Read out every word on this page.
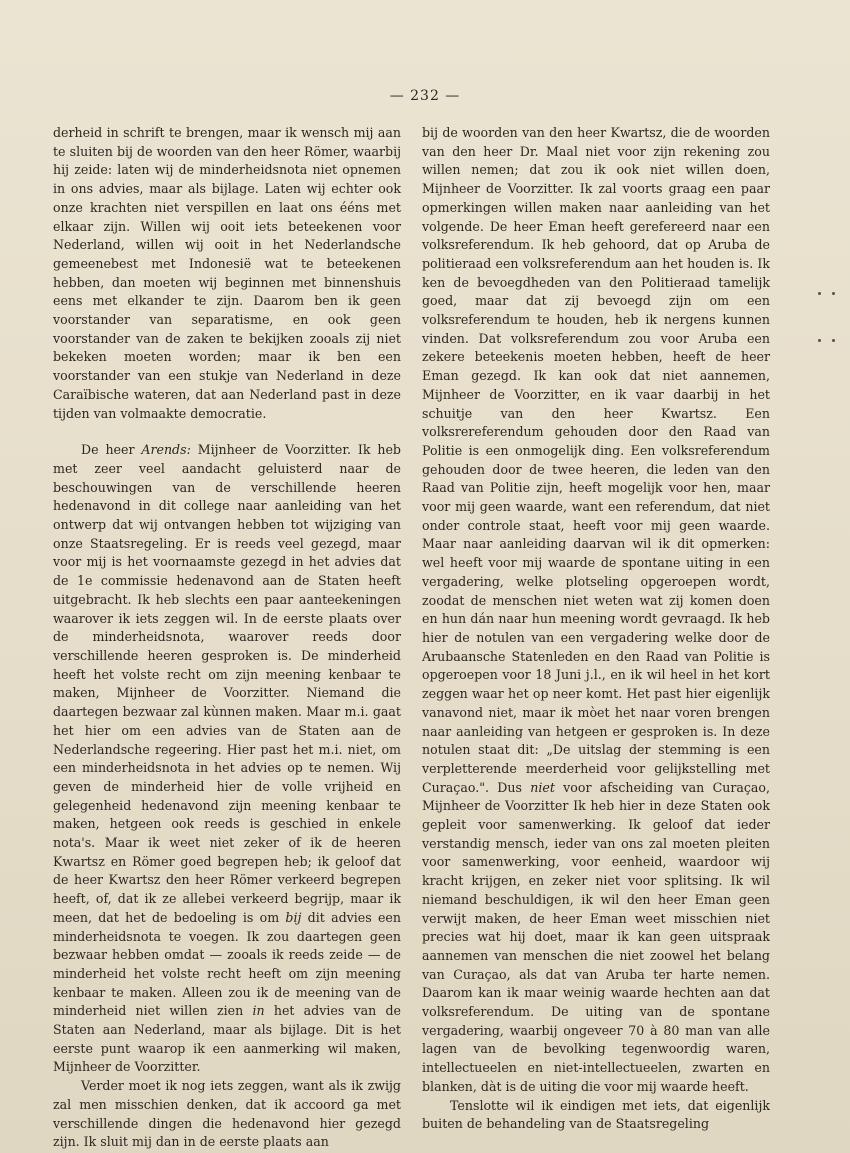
— 232 —

derheid in schrift te brengen, maar ik wensch mij aan te sluiten bij de woorden van den heer Römer, waarbij hij zeide: laten wij de minderheidsnota niet opnemen in ons advies, maar als bijlage. Laten wij echter ook onze krachten niet verspillen en laat ons ééns met elkaar zijn. Willen wij ooit iets beteekenen voor Nederland, willen wij ooit in het Nederlandsche gemeenebest met Indonesië wat te beteekenen hebben, dan moeten wij beginnen met binnenshuis eens met elkander te zijn. Daarom ben ik geen voorstander van separatisme, en ook geen voorstander van de zaken te bekijken zooals zij niet bekeken moeten worden; maar ik ben een voorstander van een stukje van Nederland in deze Caraïbische wateren, dat aan Nederland past in deze tijden van volmaakte democratie.

De heer Arends: Mijnheer de Voorzitter. Ik heb met zeer veel aandacht geluisterd naar de beschouwingen van de verschillende heeren hedenavond in dit college naar aanleiding van het ontwerp dat wij ontvangen hebben tot wijziging van onze Staatsregeling. Er is reeds veel gezegd, maar voor mij is het voornaamste gezegd in het advies dat de 1e commissie hedenavond aan de Staten heeft uitgebracht. Ik heb slechts een paar aanteekeningen waarover ik iets zeggen wil. In de eerste plaats over de minderheidsnota, waarover reeds door verschillende heeren gesproken is. De minderheid heeft het volste recht om zijn meening kenbaar te maken, Mijnheer de Voorzitter. Niemand die daartegen bezwaar zal kùnnen maken. Maar m.i. gaat het hier om een advies van de Staten aan de Nederlandsche regeering. Hier past het m.i. niet, om een minderheidsnota in het advies op te nemen. Wij geven de minderheid hier de volle vrijheid en gelegenheid hedenavond zijn meening kenbaar te maken, hetgeen ook reeds is geschied in enkele nota's. Maar ik weet niet zeker of ik de heeren Kwartsz en Römer goed begrepen heb; ik geloof dat de heer Kwartsz den heer Römer verkeerd begrepen heeft, of, dat ik ze allebei verkeerd begrijp, maar ik meen, dat het de bedoeling is om bij dit advies een minderheidsnota te voegen. Ik zou daartegen geen bezwaar hebben omdat — zooals ik reeds zeide — de minderheid het volste recht heeft om zijn meening kenbaar te maken. Alleen zou ik de meening van de minderheid niet willen zien in het advies van de Staten aan Nederland, maar als bijlage. Dit is het eerste punt waarop ik een aanmerking wil maken, Mijnheer de Voorzitter.

Verder moet ik nog iets zeggen, want als ik zwijg zal men misschien denken, dat ik accoord ga met verschillende dingen die hedenavond hier gezegd zijn. Ik sluit mij dan in de eerste plaats aan

bij de woorden van den heer Kwartsz, die de woorden van den heer Dr. Maal niet voor zijn rekening zou willen nemen; dat zou ik ook niet willen doen, Mijnheer de Voorzitter. Ik zal voorts graag een paar opmerkingen willen maken naar aanleiding van het volgende. De heer Eman heeft gerefereerd naar een volksreferendum. Ik heb gehoord, dat op Aruba de politieraad een volksreferendum aan het houden is. Ik ken de bevoegdheden van den Politieraad tamelijk goed, maar dat zij bevoegd zijn om een volksreferendum te houden, heb ik nergens kunnen vinden. Dat volksreferendum zou voor Aruba een zekere beteekenis moeten hebben, heeft de heer Eman gezegd. Ik kan ook dat niet aannemen, Mijnheer de Voorzitter, en ik vaar daarbij in het schuitje van den heer Kwartsz. Een volksrereferendum gehouden door den Raad van Politie is een onmogelijk ding. Een volksreferendum gehouden door de twee heeren, die leden van den Raad van Politie zijn, heeft mogelijk voor hen, maar voor mij geen waarde, want een referendum, dat niet onder controle staat, heeft voor mij geen waarde. Maar naar aanleiding daarvan wil ik dit opmerken: wel heeft voor mij waarde de spontane uiting in een vergadering, welke plotseling opgeroepen wordt, zoodat de menschen niet weten wat zij komen doen en hun dán naar hun meening wordt gevraagd. Ik heb hier de notulen van een vergadering welke door de Arubaansche Statenleden en den Raad van Politie is opgeroepen voor 18 Juni j.l., en ik wil heel in het kort zeggen waar het op neer komt. Het past hier eigenlijk vanavond niet, maar ik mòet het naar voren brengen naar aanleiding van hetgeen er gesproken is. In deze notulen staat dit: „De uitslag der stemming is een verpletterende meerderheid voor gelijkstelling met Curaçao.". Dus niet voor afscheiding van Curaçao, Mijnheer de Voorzitter Ik heb hier in deze Staten ook gepleit voor samenwerking. Ik geloof dat ieder verstandig mensch, ieder van ons zal moeten pleiten voor samenwerking, voor eenheid, waardoor wij kracht krijgen, en zeker niet voor splitsing. Ik wil niemand beschuldigen, ik wil den heer Eman geen verwijt maken, de heer Eman weet misschien niet precies wat hij doet, maar ik kan geen uitspraak aannemen van menschen die niet zoowel het belang van Curaçao, als dat van Aruba ter harte nemen. Daarom kan ik maar weinig waarde hechten aan dat volksreferendum. De uiting van de spontane vergadering, waarbij ongeveer 70 à 80 man van alle lagen van de bevolking tegenwoordig waren, intellectueelen en niet-intellectueelen, zwarten en blanken, dàt is de uiting die voor mij waarde heeft.

Tenslotte wil ik eindigen met iets, dat eigenlijk buiten de behandeling van de Staatsregeling
